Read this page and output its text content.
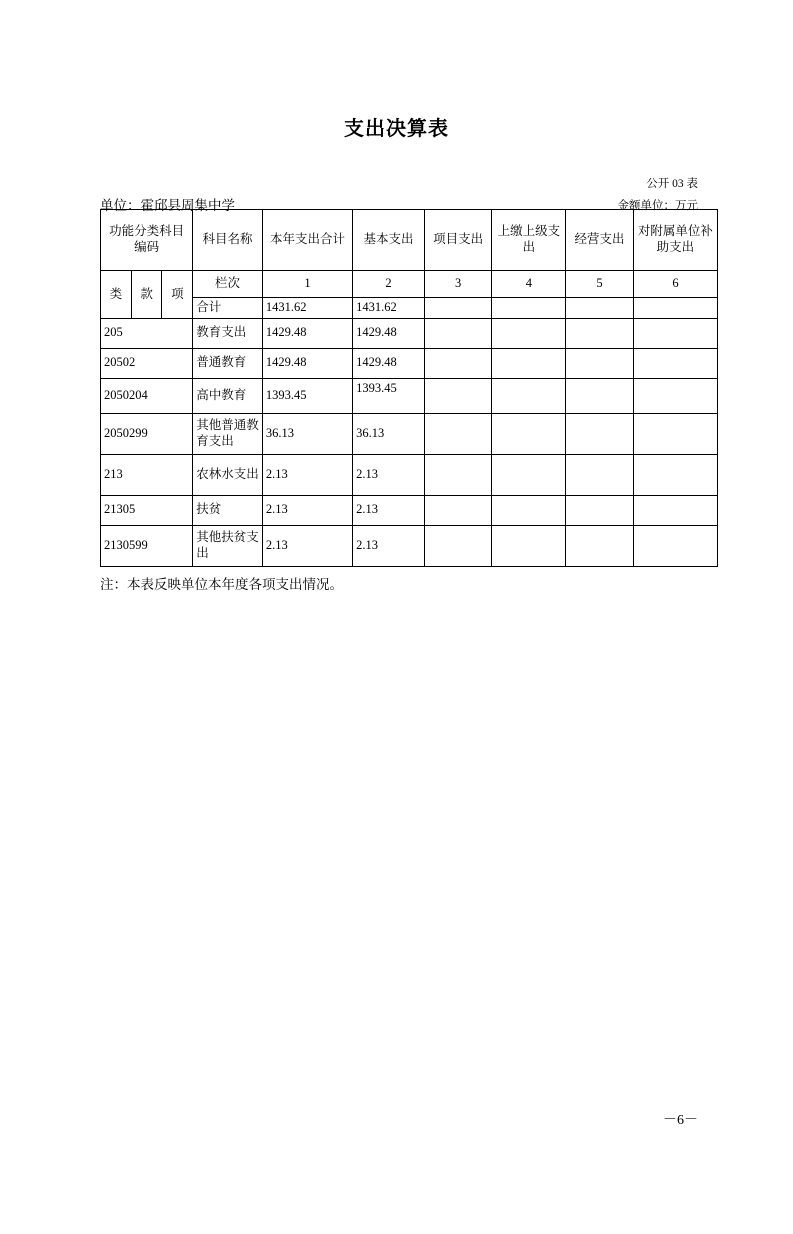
支出决算表
公开 03 表
金额单位：万元
单位：霍邱县周集中学
功能分类科目编码			科目名称	本年支出合计	基本支出	项目支出	上缴上级支出	经营支出	对附属单位补助支出

类	款	项	栏次	1	2	3	4	5	6
			合计	1431.62	1431.62				
205			教育支出	1429.48	1429.48				
20502			普通教育	1429.48	1429.48				
2050204			高中教育	1393.45	1393.45				
2050299			其他普通教育支出	36.13	36.13				
213			农林水支出	2.13	2.13				
21305			扶贫	2.13	2.13				
2130599			其他扶贫支出	2.13	2.13				
注：本表反映单位本年度各项支出情况。
－6－
